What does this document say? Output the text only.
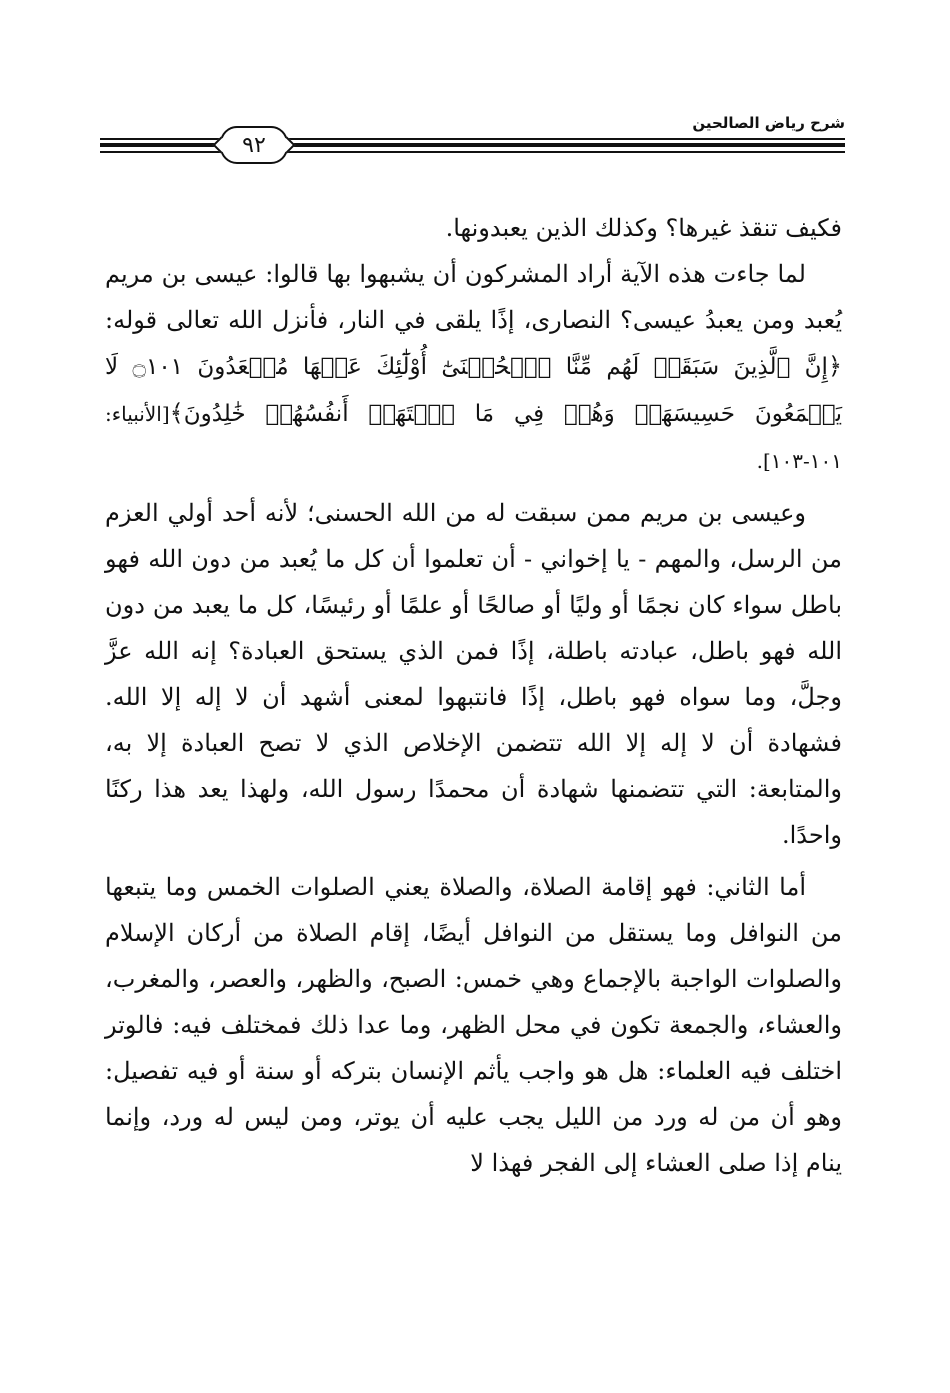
شرح رياض الصالحين
٩٢

فكيف تنقذ غيرها؟ وكذلك الذين يعبدونها.

لما جاءت هذه الآية أراد المشركون أن يشبهوا بها قالوا: عيسى بن مريم يُعبد ومن يعبدُ عيسى؟ النصارى، إذًا يلقى في النار، فأنزل الله تعالى قوله: ﴿إِنَّ ٱلَّذِينَ سَبَقَتۡ لَهُم مِّنَّا ٱلۡحُسۡنَىٰٓ أُوْلَٰٓئِكَ عَنۡهَا مُبۡعَدُونَ ۝١٠١ لَا يَسۡمَعُونَ حَسِيسَهَاۖ وَهُمۡ فِي مَا ٱشۡتَهَتۡ أَنفُسُهُمۡ خَٰلِدُونَ﴾[الأنبياء: ١٠١-١٠٣].

وعيسى بن مريم ممن سبقت له من الله الحسنى؛ لأنه أحد أولي العزم من الرسل، والمهم - يا إخواني - أن تعلموا أن كل ما يُعبد من دون الله فهو باطل سواء كان نجمًا أو وليًا أو صالحًا أو علمًا أو رئيسًا، كل ما يعبد من دون الله فهو باطل، عبادته باطلة، إذًا فمن الذي يستحق العبادة؟ إنه الله عزَّ وجلَّ، وما سواه فهو باطل، إذًا فانتبهوا لمعنى أشهد أن لا إله إلا الله. فشهادة أن لا إله إلا الله تتضمن الإخلاص الذي لا تصح العبادة إلا به، والمتابعة: التي تتضمنها شهادة أن محمدًا رسول الله، ولهذا يعد هذا ركنًا واحدًا.

أما الثاني: فهو إقامة الصلاة، والصلاة يعني الصلوات الخمس وما يتبعها من النوافل وما يستقل من النوافل أيضًا، إقام الصلاة من أركان الإسلام والصلوات الواجبة بالإجماع وهي خمس: الصبح، والظهر، والعصر، والمغرب، والعشاء، والجمعة تكون في محل الظهر، وما عدا ذلك فمختلف فيه: فالوتر اختلف فيه العلماء: هل هو واجب يأثم الإنسان بتركه أو سنة أو فيه تفصيل: وهو أن من له ورد من الليل يجب عليه أن يوتر، ومن ليس له ورد، وإنما ينام إذا صلى العشاء إلى الفجر فهذا لا
